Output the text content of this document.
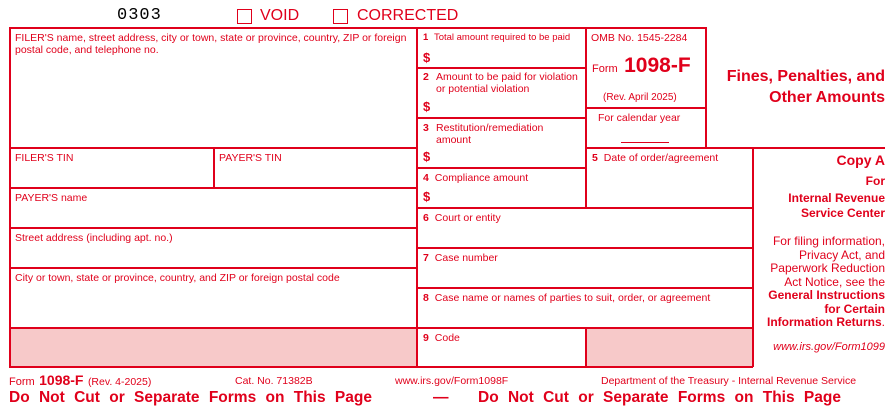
0303	VOID	CORRECTED
FILER'S name, street address, city or town, state or province, country, ZIP or foreign postal code, and telephone no.
FILER'S TIN	PAYER'S TIN
PAYER'S name
Street address (including apt. no.)
City or town, state or province, country, and ZIP or foreign postal code
1 Total amount required to be paid
$
2 Amount to be paid for violation or potential violation
$
3 Restitution/remediation amount
$
4 Compliance amount
$
5 Date of order/agreement
6 Court or entity
7 Case number
8 Case name or names of parties to suit, order, or agreement
9 Code
OMB No. 1545-2284
Form 1098-F
(Rev. April 2025)
For calendar year
Fines, Penalties, and
Other Amounts
Copy A
For
Internal Revenue
Service Center
For filing information,
Privacy Act, and
Paperwork Reduction
Act Notice, see the
General Instructions
for Certain
Information Returns.
www.irs.gov/Form1099
Form 1098-F (Rev. 4-2025)	Cat. No. 71382B	www.irs.gov/Form1098F	Department of the Treasury - Internal Revenue Service
Do Not Cut or Separate Forms on This Page	— Do Not Cut or Separate Forms on This Page
